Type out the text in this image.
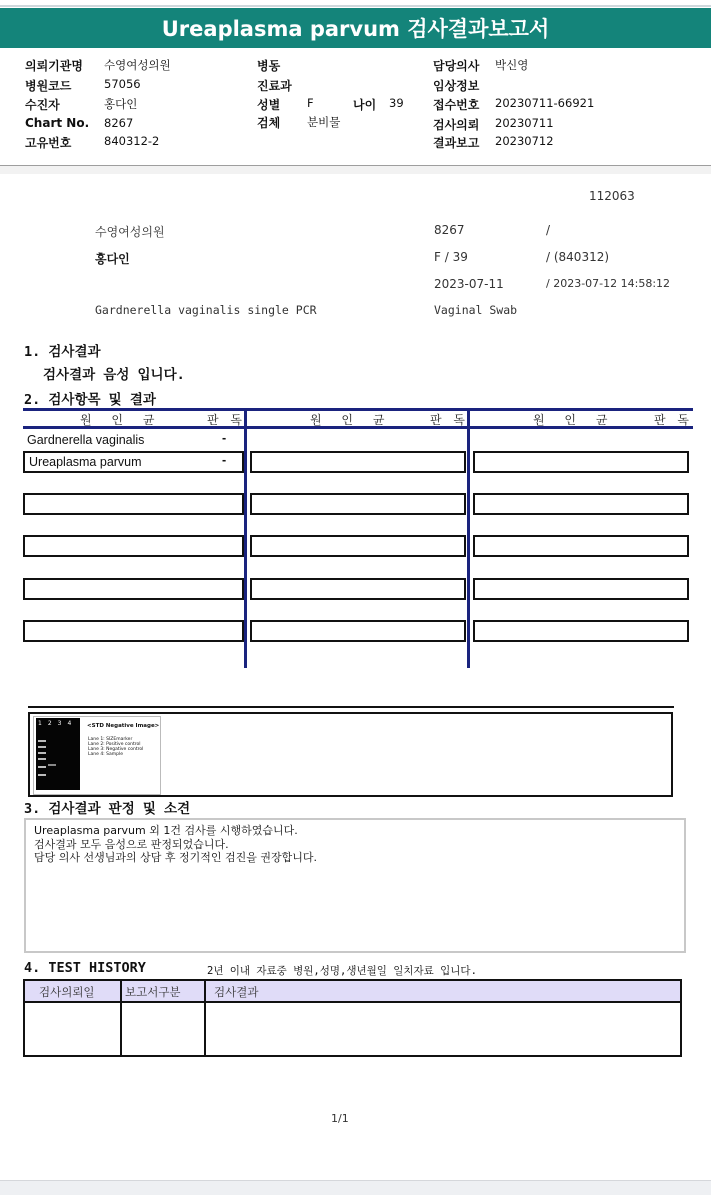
Ureaplasma parvum 검사결과보고서
의뢰기관명 수영여성의원
병원코드	57056
수진자	홍다인
Chart No. 8267
고유번호	840312-2
병동
진료과
성별 F	나이 39
검체 분비물
담당의사 박신영
임상정보
접수번호 20230711-66921
검사의뢰 20230711
결과보고 20230712
112063
수영여성의원	8267	/
홍다인	F / 39	/ (840312)
2023-07-11	/ 2023-07-12 14:58:12
Gardnerella vaginalis single PCR	Vaginal Swab
1. 검사결과
검사결과 음성 입니다.
2. 검사항목 및 결과
원 인 균	판 독	원 인 균	판 독	원 인 균	판 독
Gardnerella vaginalis	-
Ureaplasma parvum	-
1 2 3 4	<STD Negative Image>
Lane 1: SIZEmarker
Lane 2: Positive control
Lane 3: Negative control
Lane 4: Sample
3. 검사결과 판정 및 소견
Ureaplasma parvum 외 1건 검사를 시행하였습니다.
검사결과 모두 음성으로 판정되었습니다.
담당 의사 선생님과의 상담 후 정기적인 검진을 권장합니다.
4. TEST HISTORY	2년 이내 자료중 병원,성명,생년월일 일치자료 입니다.
검사의뢰일	보고서구분	검사결과
1/1
